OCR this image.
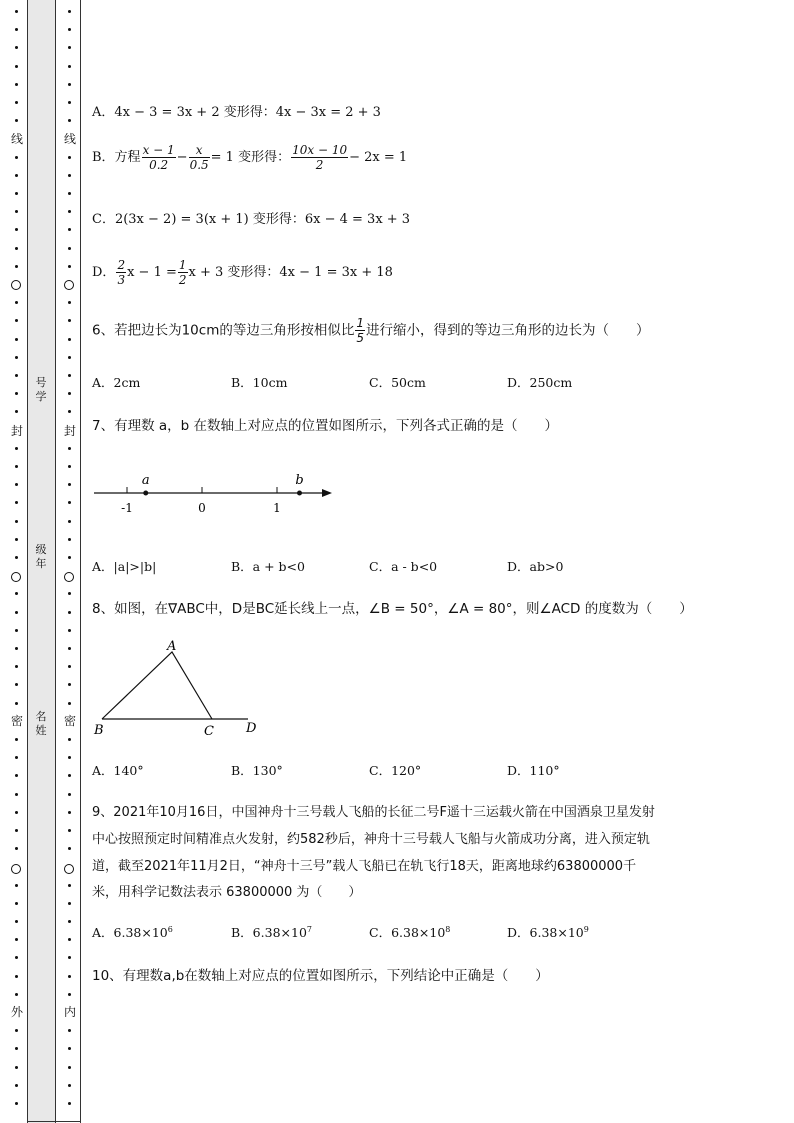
线
封
密
外
线
封
密
内
号学
级年
名姓
A．4x − 3 = 3x + 2 变形得：4x − 3x = 2 + 3
B．方程 $\frac{x - 1}{0.2} - \frac{x}{0.5} = 1$ 变形得： $\frac{10x - 10}{2} - 2x = 1$
C．2(3x − 2) = 3(x + 1) 变形得：6x − 4 = 3x + 3
D． $\frac{2}{3}$ $x - 1 = \frac{1}{2}$ x + 3 变形得：4x − 1 = 3x + 18
6、若把边长为10cm的等边三角形按相似比 $\frac{1}{5}$ 进行缩小，得到的等边三角形的边长为（　　）
A．2cm	B．10cm	C．50cm	D．250cm
7、有理数 a，b 在数轴上对应点的位置如图所示，下列各式正确的是（　　）
a	b
-1	0	1
A．|a|>|b|	B．a + b<0	C．a - b<0	D．ab>0
8、如图，在∇ABC中，D是BC延长线上一点，∠B = 50°，∠A = 80°，则∠ACD 的度数为（　　）
A
B	C D
A．140°	B．130°	C．120°	D．110°
9、2021年10月16日，中国神舟十三号载人飞船的长征二号F遥十三运载火箭在中国酒泉卫星发射
中心按照预定时间精准点火发射，约582秒后，神舟十三号载人飞船与火箭成功分离，进入预定轨
道，截至2021年11月2日，“神舟十三号”载人飞船已在轨飞行18天，距离地球约63800000千
米，用科学记数法表示 63800000 为（　　）
A．$6.38\times 10^6$	B．$6.38\times 10^7$	C．$6.38\times 10^8$	D．$6.38\times 10^9$
10、有理数a,b在数轴上对应点的位置如图所示，下列结论中正确是（　　）
